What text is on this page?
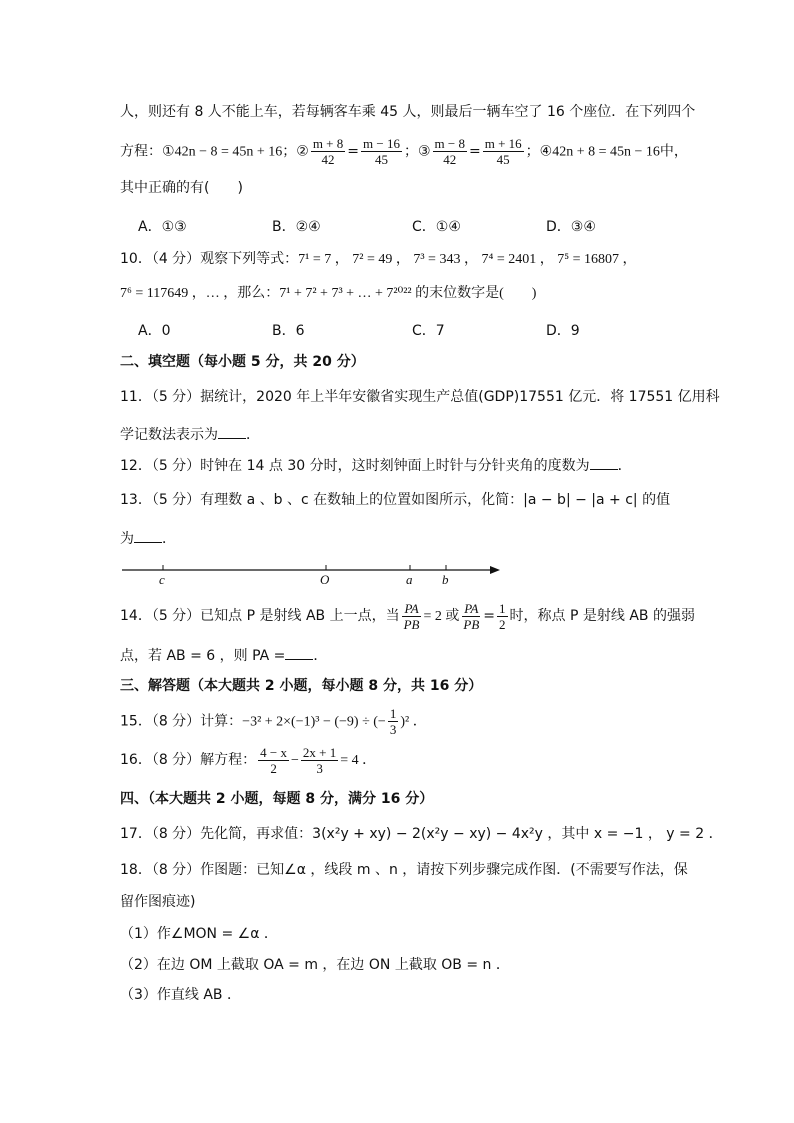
人，则还有 8 人不能上车，若每辆客车乘 45 人，则最后一辆车空了 16 个座位．在下列四个
方程：①42n − 8 = 45n + 16；② $\frac{m + 8}{42} = \frac{m - 16}{45}$ ；③ $\frac{m - 8}{42} = \frac{m + 16}{45}$ ；④42n + 8 = 45n − 16中，
其中正确的有(　　)
A．①③	B．②④	C．①④	D．③④
10．（4 分）观察下列等式：7¹ = 7 ， 7² = 49 ， 7³ = 343 ， 7⁴ = 2401 ， 7⁵ = 16807 ，
7⁶ = 117649 ，… ，那么：7¹ + 7² + 7³ + … + 7²⁰²² 的末位数字是(　　)
A．0	B．6	C．7	D．9
二、填空题（每小题 5 分，共 20 分）
11．（5 分）据统计，2020 年上半年安徽省实现生产总值(GDP)17551 亿元．将 17551 亿用科
学记数法表示为 ．
12．（5 分）时钟在 14 点 30 分时，这时刻钟面上时针与分针夹角的度数为 ．
13．（5 分）有理数 a 、b 、c 在数轴上的位置如图所示，化简：|a − b| − |a + c| 的值
为 ．
c	O	a b
14．（5 分）已知点 P 是射线 AB 上一点，当 $\frac{PA}{PB} = 2$ 或 $\frac{PA}{PB} = \frac{1}{2}$ 时，称点 P 是射线 AB 的强弱
点，若 AB = 6 ，则 PA = ．
三、解答题（本大题共 2 小题，每小题 8 分，共 16 分）
15．（8 分）计算：−3² + 2×(−1)³ − (−9) ÷ (− $\frac{1}{3} )^2$ ．
16．（8 分）解方程： $\frac{4 - x}{2} - \frac{2x + 1}{3} = 4$ ．
四、（本大题共 2 小题，每题 8 分，满分 16 分）
17．（8 分）先化简，再求值：3(x²y + xy) − 2(x²y − xy) − 4x²y ，其中 x = −1 ， y = 2 ．
18．（8 分）作图题：已知∠α ，线段 m 、n ，请按下列步骤完成作图．(不需要写作法，保
留作图痕迹)
（1）作∠MON = ∠α ．
（2）在边 OM 上截取 OA = m ，在边 ON 上截取 OB = n ．
（3）作直线 AB ．
